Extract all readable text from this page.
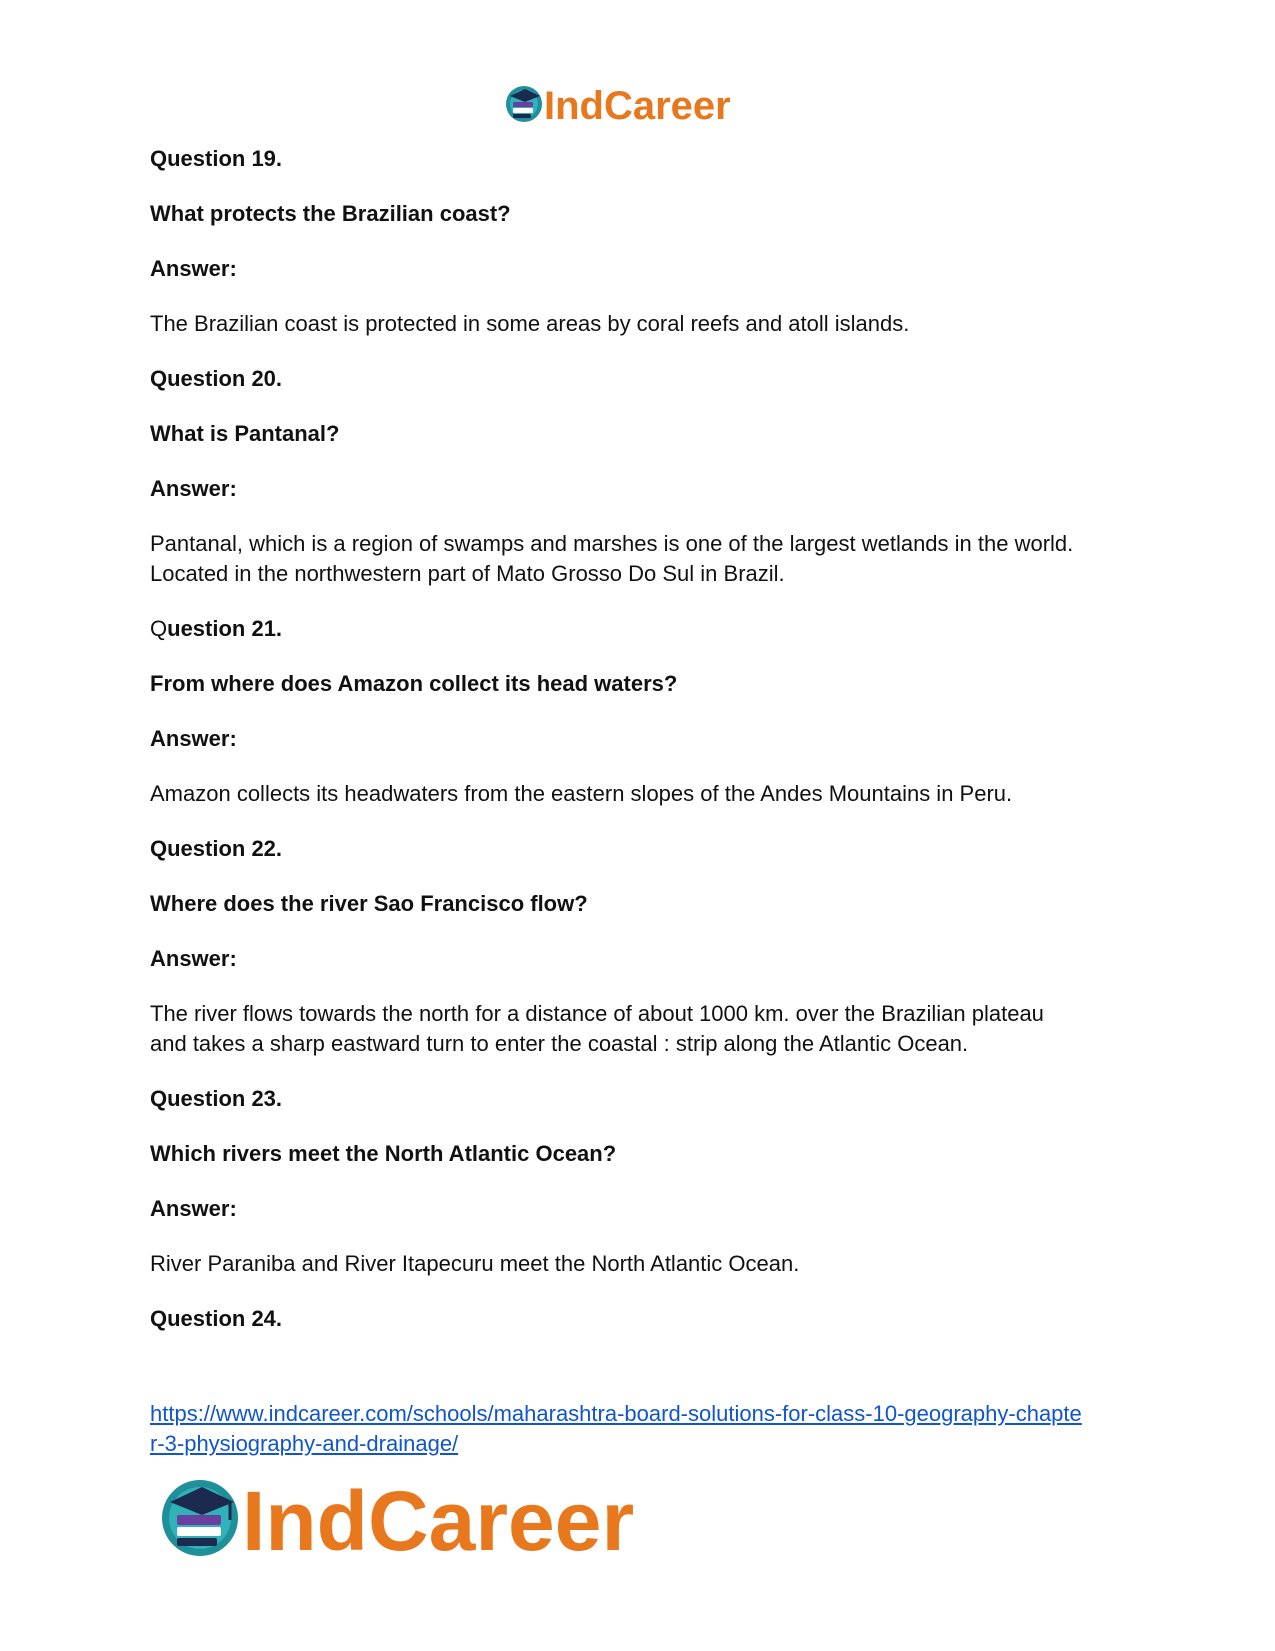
IndCareer

Question 19.

What protects the Brazilian coast?

Answer:

The Brazilian coast is protected in some areas by coral reefs and atoll islands.

Question 20.

What is Pantanal?

Answer:

Pantanal, which is a region of swamps and marshes is one of the largest wetlands in the world.

Located in the northwestern part of Mato Grosso Do Sul in Brazil.

Question 21.

From where does Amazon collect its head waters?

Answer:

Amazon collects its headwaters from the eastern slopes of the Andes Mountains in Peru.

Question 22.

Where does the river Sao Francisco flow?

Answer:

The river flows towards the north for a distance of about 1000 km. over the Brazilian plateau

and takes a sharp eastward turn to enter the coastal : strip along the Atlantic Ocean.

Question 23.

Which rivers meet the North Atlantic Ocean?

Answer:

River Paraniba and River Itapecuru meet the North Atlantic Ocean.

Question 24.

https://www.indcareer.com/schools/maharashtra-board-solutions-for-class-10-geography-chapte
r-3-physiography-and-drainage/
IndCareer
